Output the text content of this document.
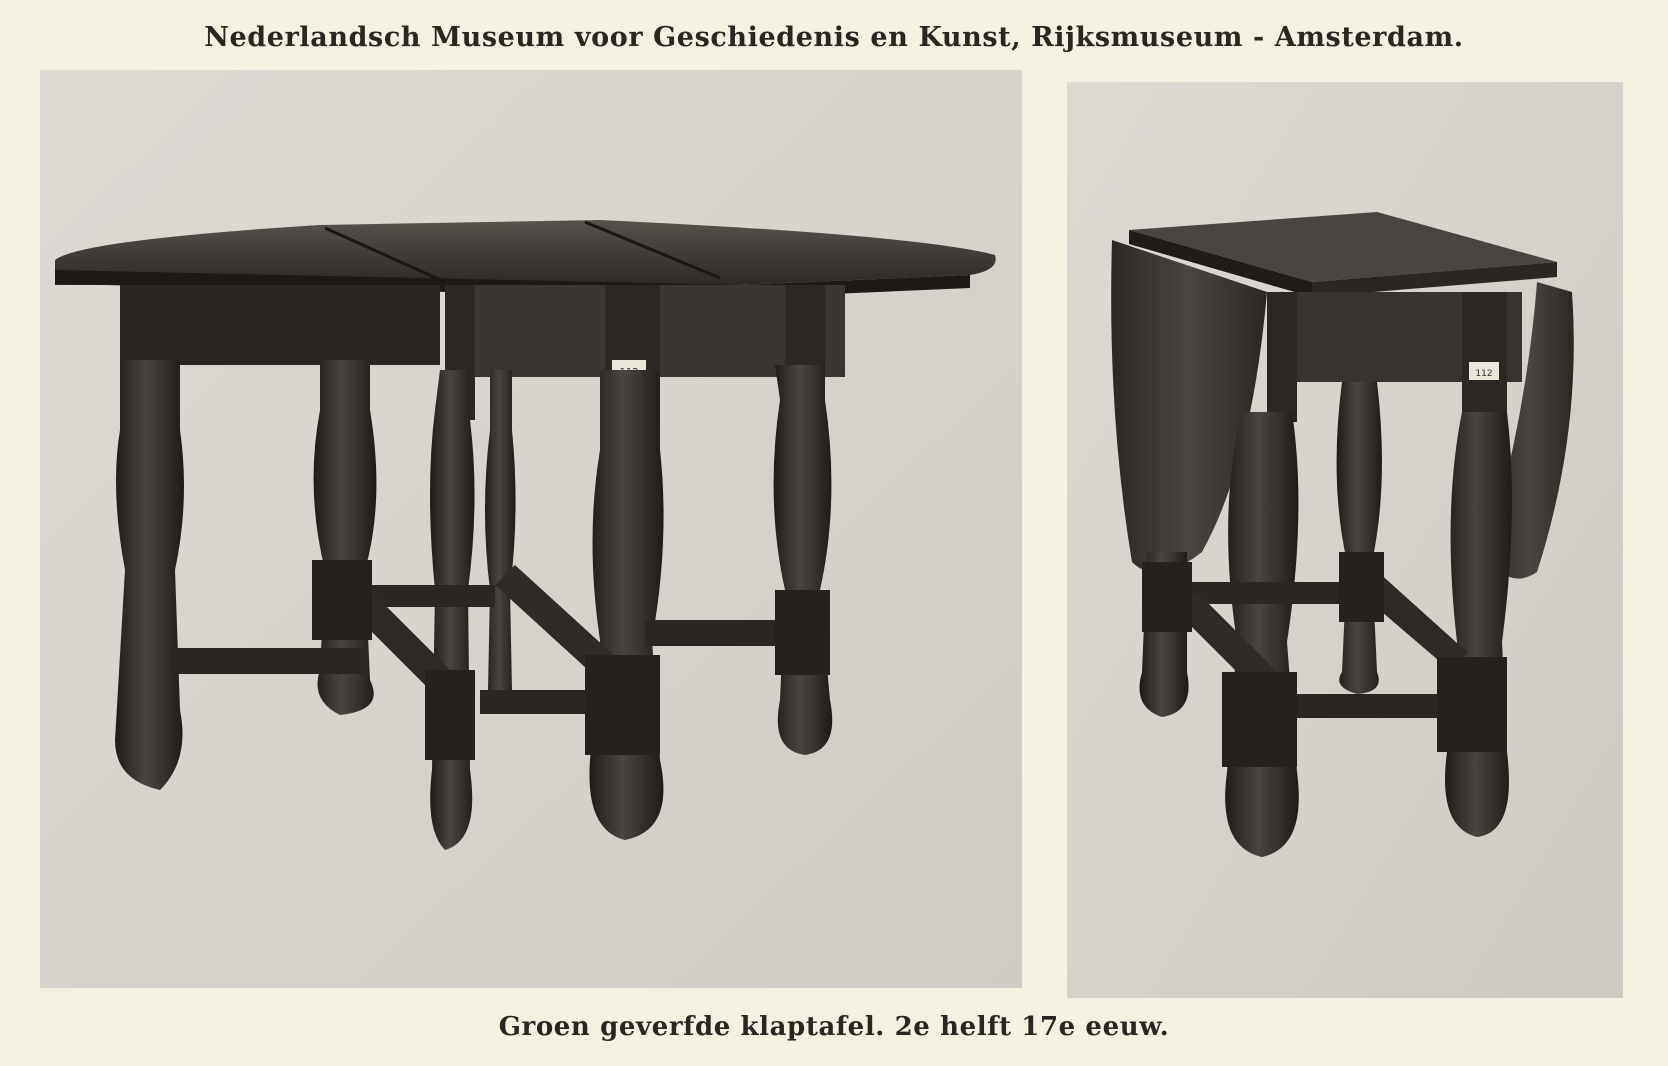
Nederlandsch Museum voor Geschiedenis en Kunst, Rijksmuseum - Amsterdam.
112
Groen geverfde klaptafel. 2e helft 17e eeuw.
